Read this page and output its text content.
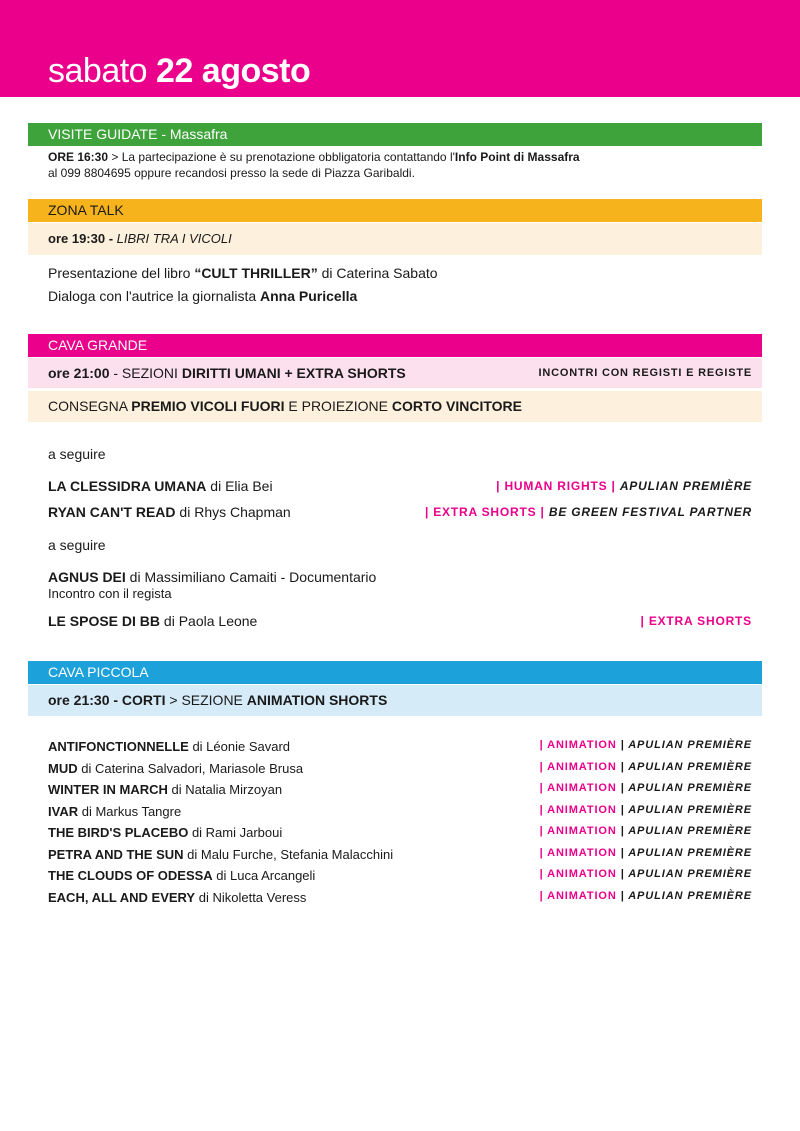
sabato 22 agosto
VISITE GUIDATE - Massafra
ORE 16:30 > La partecipazione è su prenotazione obbligatoria contattando l'Info Point di Massafra
al 099 8804695 oppure recandosi presso la sede di Piazza Garibaldi.
ZONA TALK
ore 19:30 - LIBRI TRA I VICOLI
Presentazione del libro “CULT THRILLER” di Caterina Sabato
Dialoga con l'autrice la giornalista Anna Puricella
CAVA GRANDE
ore 21:00 - SEZIONI DIRITTI UMANI + EXTRA SHORTS	INCONTRI CON REGISTI E REGISTE
CONSEGNA PREMIO VICOLI FUORI E PROIEZIONE CORTO VINCITORE
a seguire
LA CLESSIDRA UMANA di Elia Bei	| HUMAN RIGHTS | APULIAN PREMIÈRE
RYAN CAN'T READ di Rhys Chapman	| EXTRA SHORTS | BE GREEN FESTIVAL PARTNER
a seguire
AGNUS DEI di Massimiliano Camaiti - Documentario
Incontro con il regista
LE SPOSE DI BB di Paola Leone	| EXTRA SHORTS
CAVA PICCOLA
ore 21:30 - CORTI > SEZIONE ANIMATION SHORTS
ANTIFONCTIONNELLE di Léonie Savard	| ANIMATION | APULIAN PREMIÈRE
MUD di Caterina Salvadori, Mariasole Brusa	| ANIMATION | APULIAN PREMIÈRE
WINTER IN MARCH di Natalia Mirzoyan	| ANIMATION | APULIAN PREMIÈRE
IVAR di Markus Tangre	| ANIMATION | APULIAN PREMIÈRE
THE BIRD'S PLACEBO di Rami Jarboui	| ANIMATION | APULIAN PREMIÈRE
PETRA AND THE SUN di Malu Furche, Stefania Malacchini	| ANIMATION | APULIAN PREMIÈRE
THE CLOUDS OF ODESSA di Luca Arcangeli	| ANIMATION | APULIAN PREMIÈRE
EACH, ALL AND EVERY di Nikoletta Veress	| ANIMATION | APULIAN PREMIÈRE
